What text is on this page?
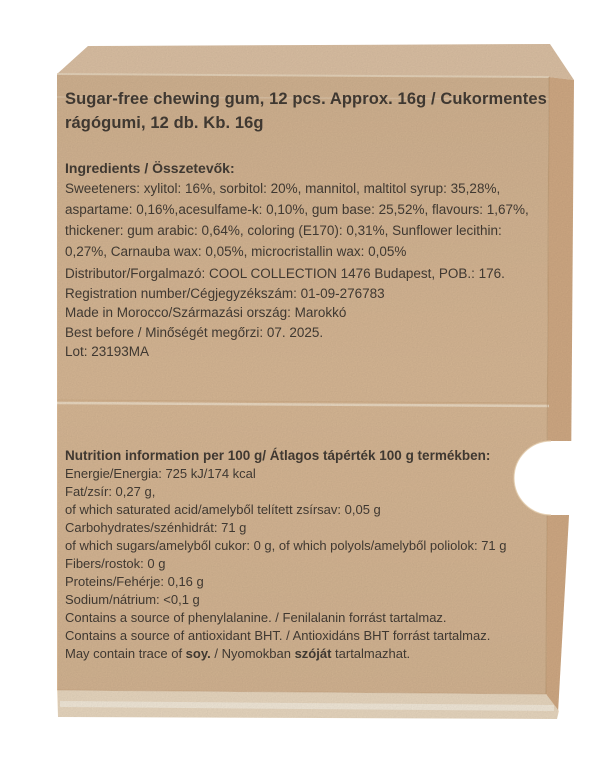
Sugar-free chewing gum, 12 pcs. Approx. 16g / Cukormentes
rágógumi, 12 db. Kb. 16g
Ingredients / Összetevők:
Sweeteners: xylitol: 16%, sorbitol: 20%, mannitol, maltitol syrup: 35,28%,
aspartame: 0,16%,acesulfame-k: 0,10%, gum base: 25,52%, flavours: 1,67%,
thickener: gum arabic: 0,64%, coloring (E170): 0,31%, Sunflower lecithin:
0,27%, Carnauba wax: 0,05%, microcristallin wax: 0,05%
Distributor/Forgalmazó: COOL COLLECTION 1476 Budapest, POB.: 176.
Registration number/Cégjegyzékszám: 01-09-276783
Made in Morocco/Származási ország: Marokkó
Best before / Minőségét megőrzi: 07. 2025.
Lot: 23193MA
Nutrition information per 100 g/ Átlagos tápérték 100 g termékben:
Energie/Energia: 725 kJ/174 kcal
Fat/zsír: 0,27 g,
of which saturated acid/amelyből telített zsírsav: 0,05 g
Carbohydrates/szénhidrát: 71 g
of which sugars/amelyből cukor: 0 g, of which polyols/amelyből poliolok: 71 g
Fibers/rostok: 0 g
Proteins/Fehérje: 0,16 g
Sodium/nátrium: <0,1 g
Contains a source of phenylalanine. / Fenilalanin forrást tartalmaz.
Contains a source of antioxidant BHT. / Antioxidáns BHT forrást tartalmaz.
May contain trace of soy. / Nyomokban szóját tartalmazhat.
